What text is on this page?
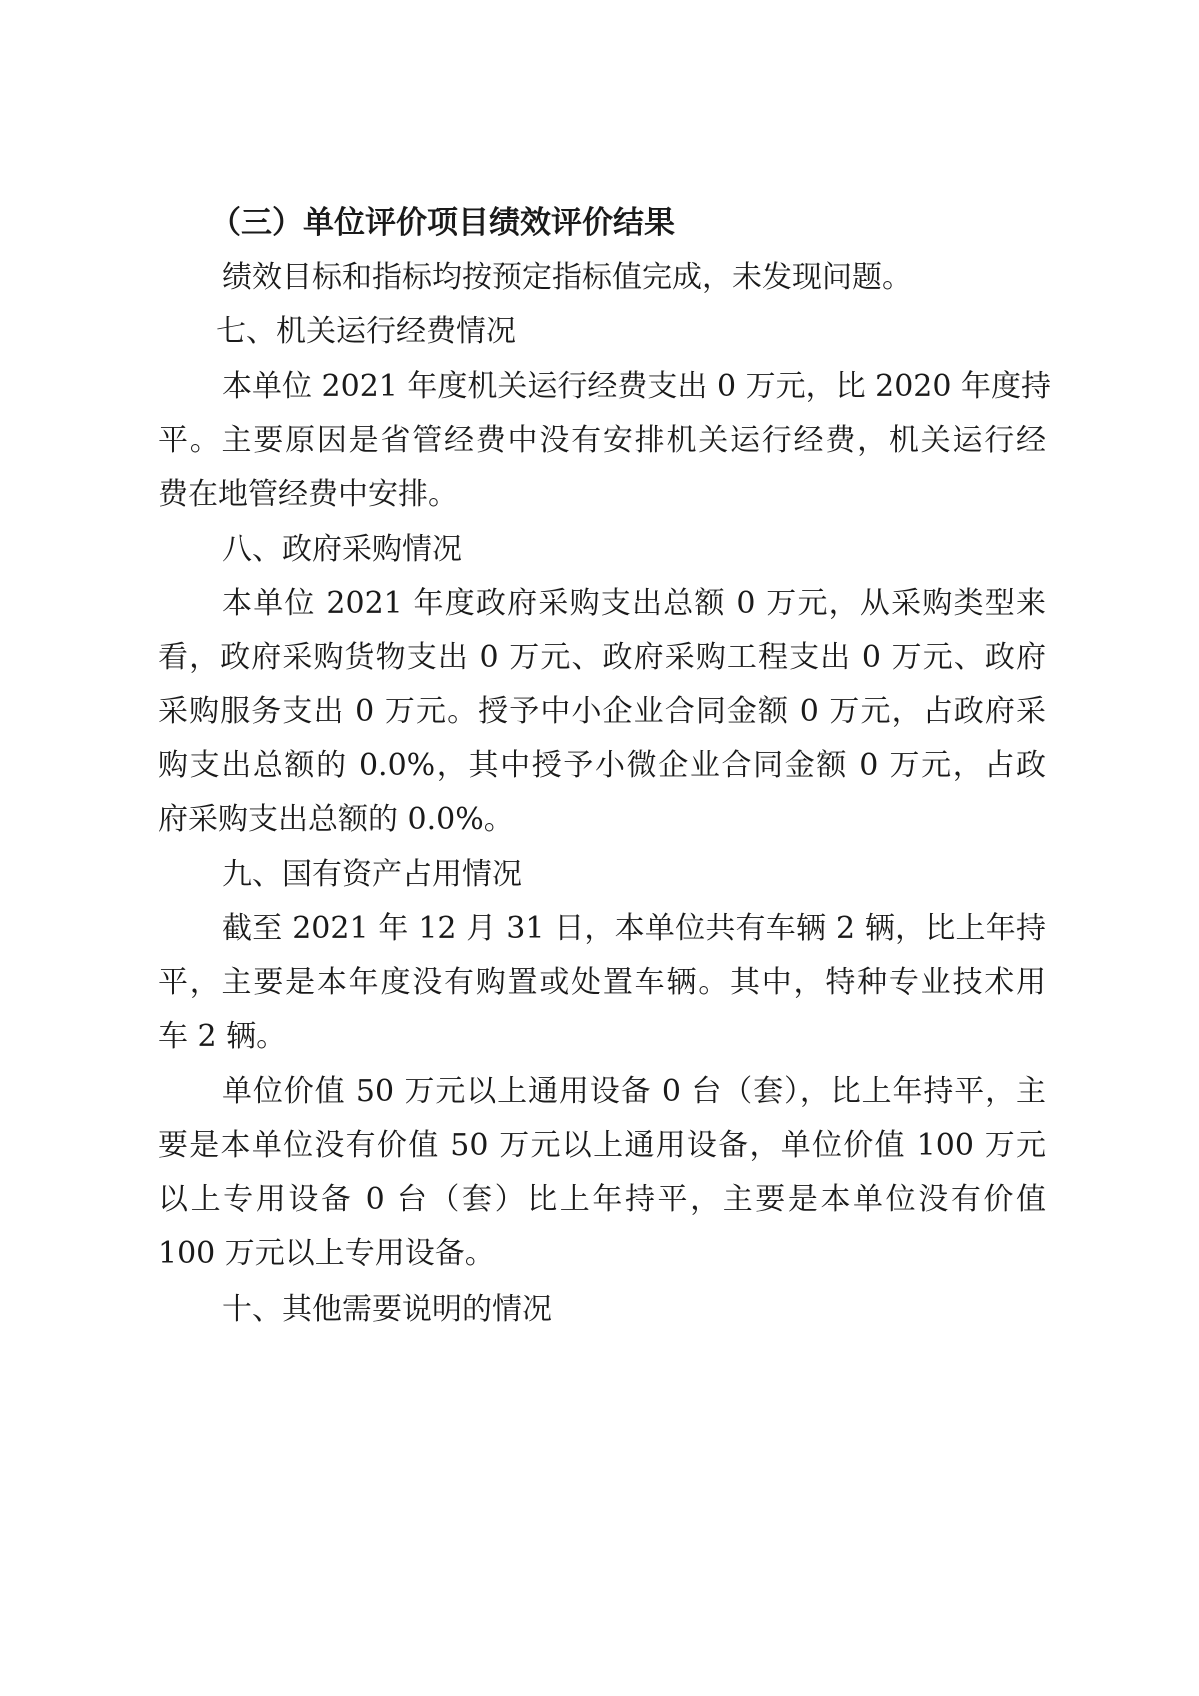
（三）单位评价项目绩效评价结果
绩效目标和指标均按预定指标值完成，未发现问题。
七、机关运行经费情况
本单位 2021 年度机关运行经费支出 0 万元，比 2020 年度持
平。主要原因是省管经费中没有安排机关运行经费，机关运行经
费在地管经费中安排。
八、政府采购情况
本单位 2021 年度政府采购支出总额 0 万元，从采购类型来
看，政府采购货物支出 0 万元、政府采购工程支出 0 万元、政府
采购服务支出 0 万元。授予中小企业合同金额 0 万元，占政府采
购支出总额的 0.0%，其中授予小微企业合同金额 0 万元，占政
府采购支出总额的 0.0%。
九、国有资产占用情况
截至 2021 年 12 月 31 日，本单位共有车辆 2 辆，比上年持
平，主要是本年度没有购置或处置车辆。其中，特种专业技术用
车 2 辆。
单位价值 50 万元以上通用设备 0 台（套），比上年持平，主
要是本单位没有价值 50 万元以上通用设备，单位价值 100 万元
以上专用设备 0 台（套）比上年持平，主要是本单位没有价值
100 万元以上专用设备。
十、其他需要说明的情况
